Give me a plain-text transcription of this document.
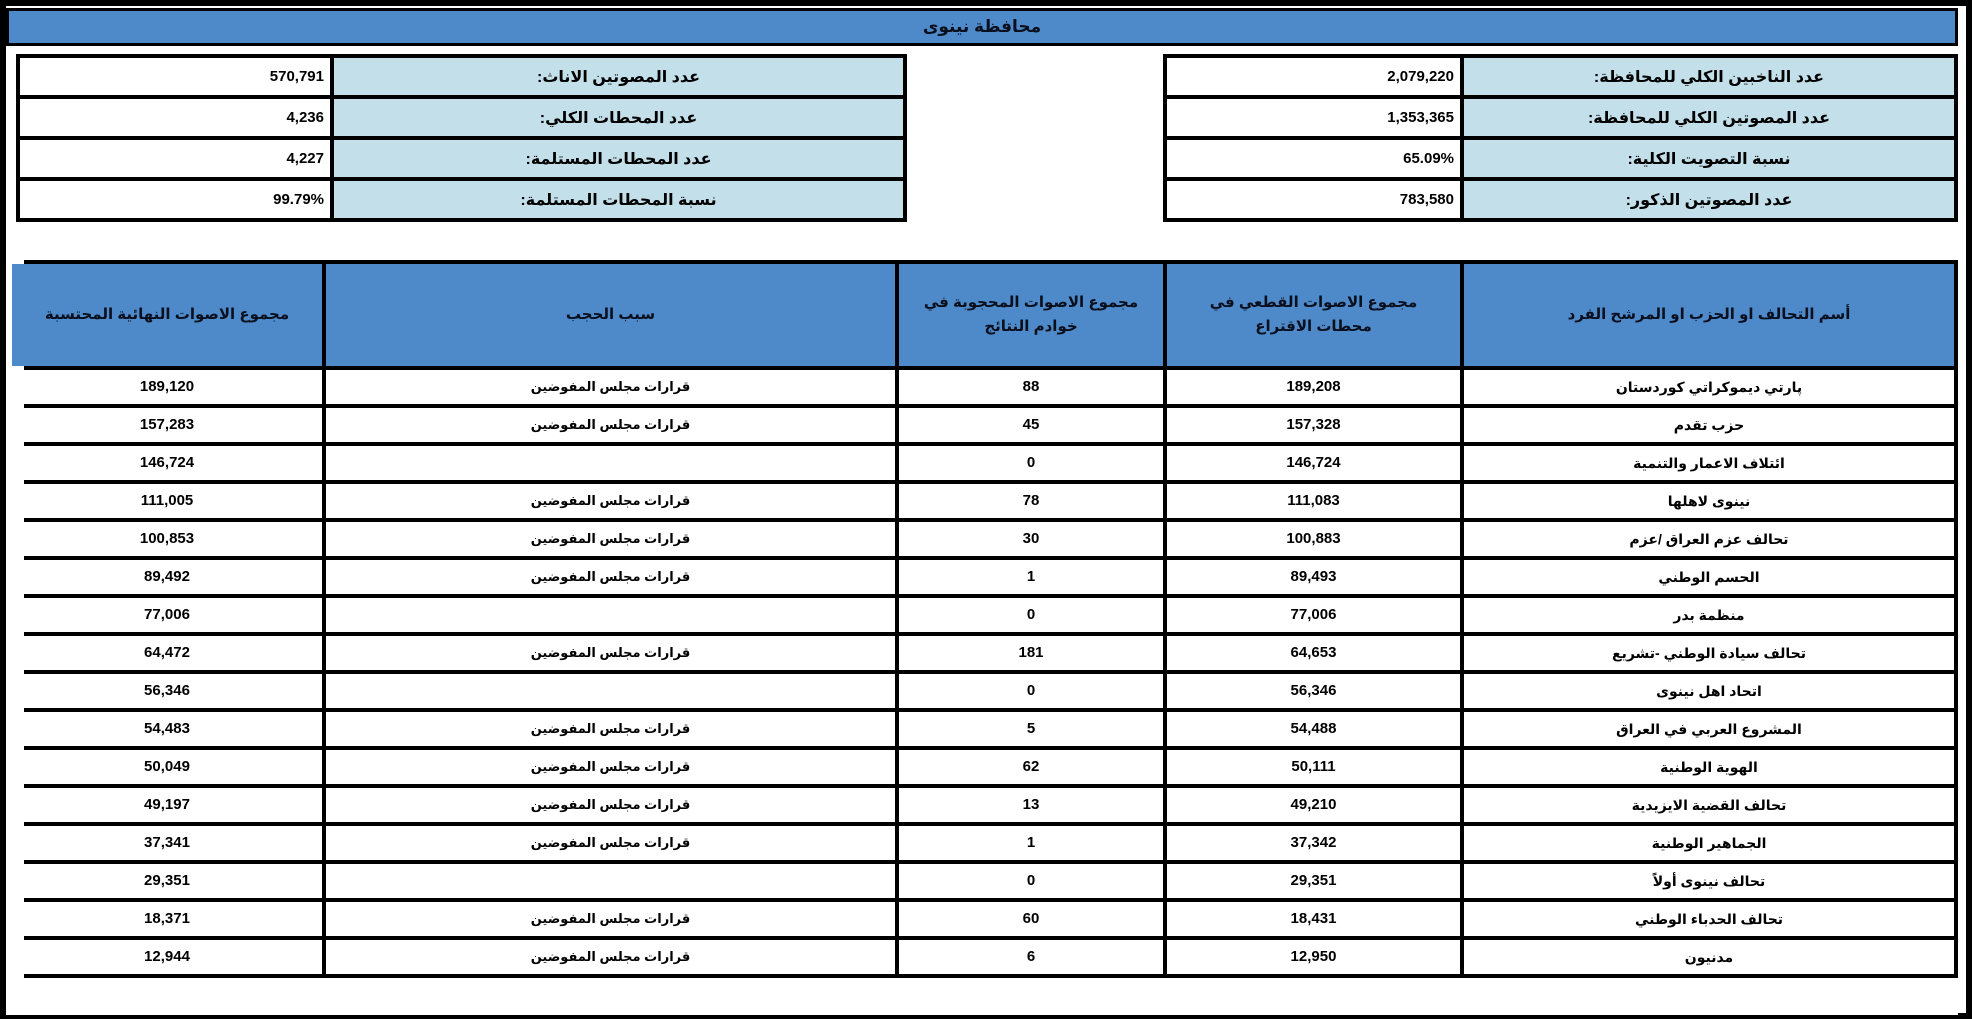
محافظة نينوى
عدد الناخبين الكلي للمحافظة:
2,079,220
عدد المصوتين الكلي للمحافظة:
1,353,365
نسبة التصويت الكلية:
65.09%
عدد المصوتين الذكور:
783,580
عدد المصوتين الاناث:
570,791
عدد المحطات الكلي:
4,236
عدد المحطات المستلمة:
4,227
نسبة المحطات المستلمة:
99.79%
أسم التحالف او الحزب او المرشح الفرد
مجموع الاصوات القطعي في محطات الاقتراع
مجموع الاصوات المحجوبة في خوادم النتائج
سبب الحجب
مجموع الاصوات النهائية المحتسبة
پارتي ديموكراتي كوردستان
189,208
88
قرارات مجلس المفوضين
189,120
حزب تقدم
157,328
45
قرارات مجلس المفوضين
157,283
ائتلاف الاعمار والتنمية
146,724
0
146,724
نينوى لاهلها
111,083
78
قرارات مجلس المفوضين
111,005
تحالف عزم العراق /عزم
100,883
30
قرارات مجلس المفوضين
100,853
الحسم الوطني
89,493
1
قرارات مجلس المفوضين
89,492
منظمة بدر
77,006
0
77,006
تحالف سيادة الوطني -تشريع
64,653
181
قرارات مجلس المفوضين
64,472
اتحاد اهل نينوى
56,346
0
56,346
المشروع العربي في العراق
54,488
5
قرارات مجلس المفوضين
54,483
الهوية الوطنية
50,111
62
قرارات مجلس المفوضين
50,049
تحالف القضية الايزيدية
49,210
13
قرارات مجلس المفوضين
49,197
الجماهير الوطنية
37,342
1
قرارات مجلس المفوضين
37,341
تحالف نينوى أولاً
29,351
0
29,351
تحالف الحدباء الوطني
18,431
60
قرارات مجلس المفوضين
18,371
مدنيون
12,950
6
قرارات مجلس المفوضين
12,944
